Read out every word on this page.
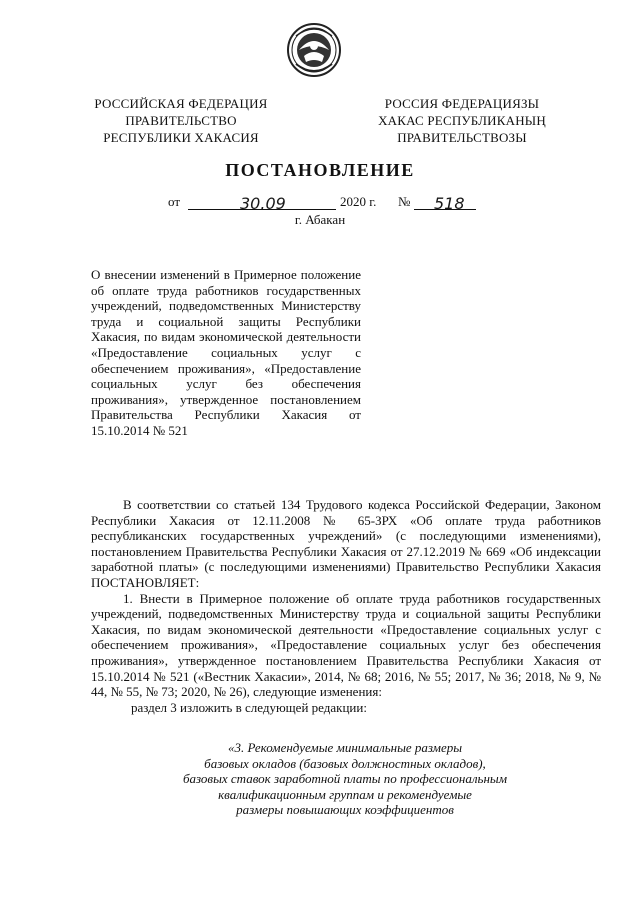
РОССИЙСКАЯ ФЕДЕРАЦИЯ
ПРАВИТЕЛЬСТВО
РЕСПУБЛИКИ ХАКАСИЯ
РОССИЯ ФЕДЕРАЦИЯЗЫ
ХАКАС РЕСПУБЛИКАНЫҢ
ПРАВИТЕЛЬСТВОЗЫ
ПОСТАНОВЛЕНИЕ
от	30.09	2020 г. № 518
г. Абакан
О внесении изменений в Примерное положение об оплате труда работников государственных учреждений, подведомственных Министерству труда и социальной защиты Республики Хакасия, по видам экономической деятельности «Предоставление социальных услуг с обеспечением проживания», «Предоставление социальных услуг без обеспечения проживания», утвержденное постановлением Правительства Республики Хакасия от 15.10.2014 № 521

В соответствии со статьей 134 Трудового кодекса Российской Федерации, Законом Республики Хакасия от 12.11.2008 № 65-ЗРХ «Об оплате труда работников республиканских государственных учреждений» (с последующими изменениями), постановлением Правительства Республики Хакасия от 27.12.2019 № 669 «Об индексации заработной платы» (с последующими изменениями) Правительство Республики Хакасия ПОСТАНОВЛЯЕТ:

1. Внести в Примерное положение об оплате труда работников государственных учреждений, подведомственных Министерству труда и социальной защиты Республики Хакасия, по видам экономической деятельности «Предоставление социальных услуг с обеспечением проживания», «Предоставление социальных услуг без обеспечения проживания», утвержденное постановлением Правительства Республики Хакасия от 15.10.2014 № 521 («Вестник Хакасии», 2014, № 68; 2016, № 55; 2017, № 36; 2018, № 9, № 44, № 55, № 73; 2020, № 26), следующие изменения:

раздел 3 изложить в следующей редакции:

«3. Рекомендуемые минимальные размеры
базовых окладов (базовых должностных окладов),
базовых ставок заработной платы по профессиональным
квалификационным группам и рекомендуемые
размеры повышающих коэффициентов
